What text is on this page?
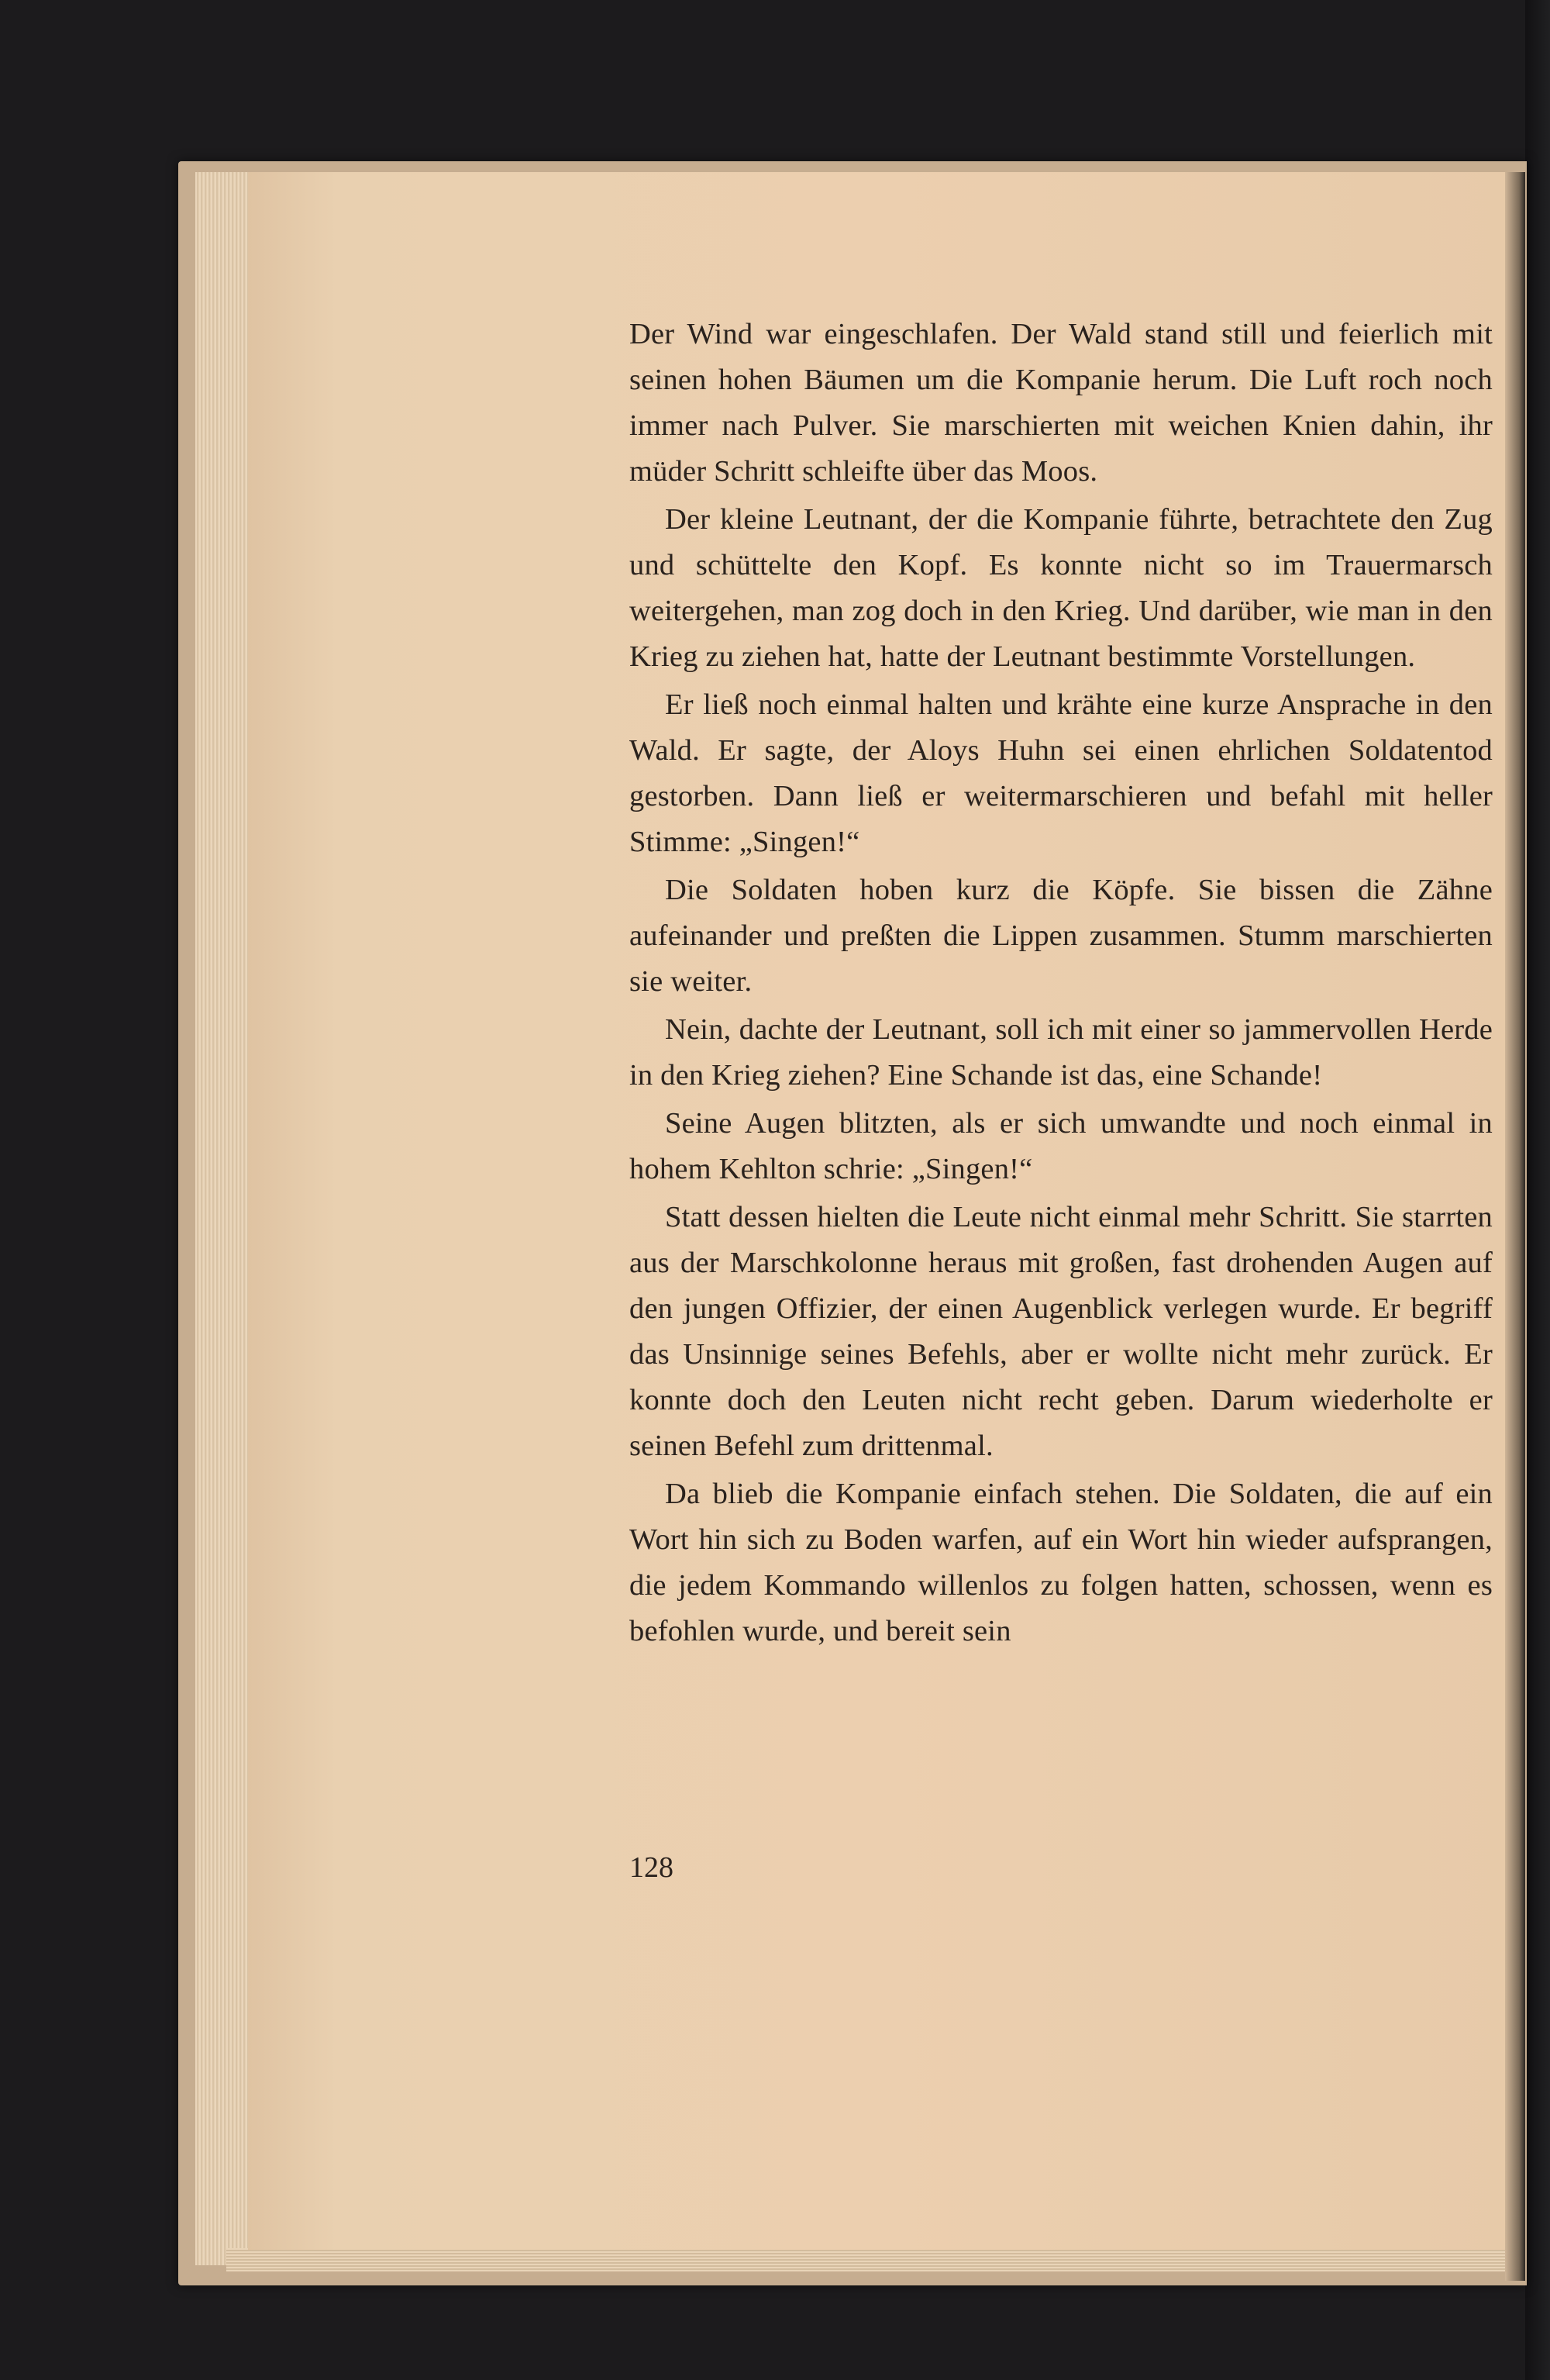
Der Wind war eingeschlafen. Der Wald stand still und feierlich mit seinen hohen Bäumen um die Kompanie herum. Die Luft roch noch immer nach Pulver. Sie marschierten mit weichen Knien dahin, ihr müder Schritt schleifte über das Moos.

Der kleine Leutnant, der die Kompanie führte, betrachtete den Zug und schüttelte den Kopf. Es konnte nicht so im Trauermarsch weitergehen, man zog doch in den Krieg. Und darüber, wie man in den Krieg zu ziehen hat, hatte der Leutnant bestimmte Vorstellungen.

Er ließ noch einmal halten und krähte eine kurze Ansprache in den Wald. Er sagte, der Aloys Huhn sei einen ehrlichen Soldatentod gestorben. Dann ließ er weitermarschieren und befahl mit heller Stimme: „Singen!“

Die Soldaten hoben kurz die Köpfe. Sie bissen die Zähne aufeinander und preßten die Lippen zusammen. Stumm marschierten sie weiter.

Nein, dachte der Leutnant, soll ich mit einer so jammervollen Herde in den Krieg ziehen? Eine Schande ist das, eine Schande!

Seine Augen blitzten, als er sich umwandte und noch einmal in hohem Kehlton schrie: „Singen!“

Statt dessen hielten die Leute nicht einmal mehr Schritt. Sie starrten aus der Marschkolonne heraus mit großen, fast drohenden Augen auf den jungen Offizier, der einen Augenblick verlegen wurde. Er begriff das Unsinnige seines Befehls, aber er wollte nicht mehr zurück. Er konnte doch den Leuten nicht recht geben. Darum wiederholte er seinen Befehl zum drittenmal.

Da blieb die Kompanie einfach stehen. Die Soldaten, die auf ein Wort hin sich zu Boden warfen, auf ein Wort hin wieder aufsprangen, die jedem Kommando willenlos zu folgen hatten, schossen, wenn es befohlen wurde, und bereit sein

128
